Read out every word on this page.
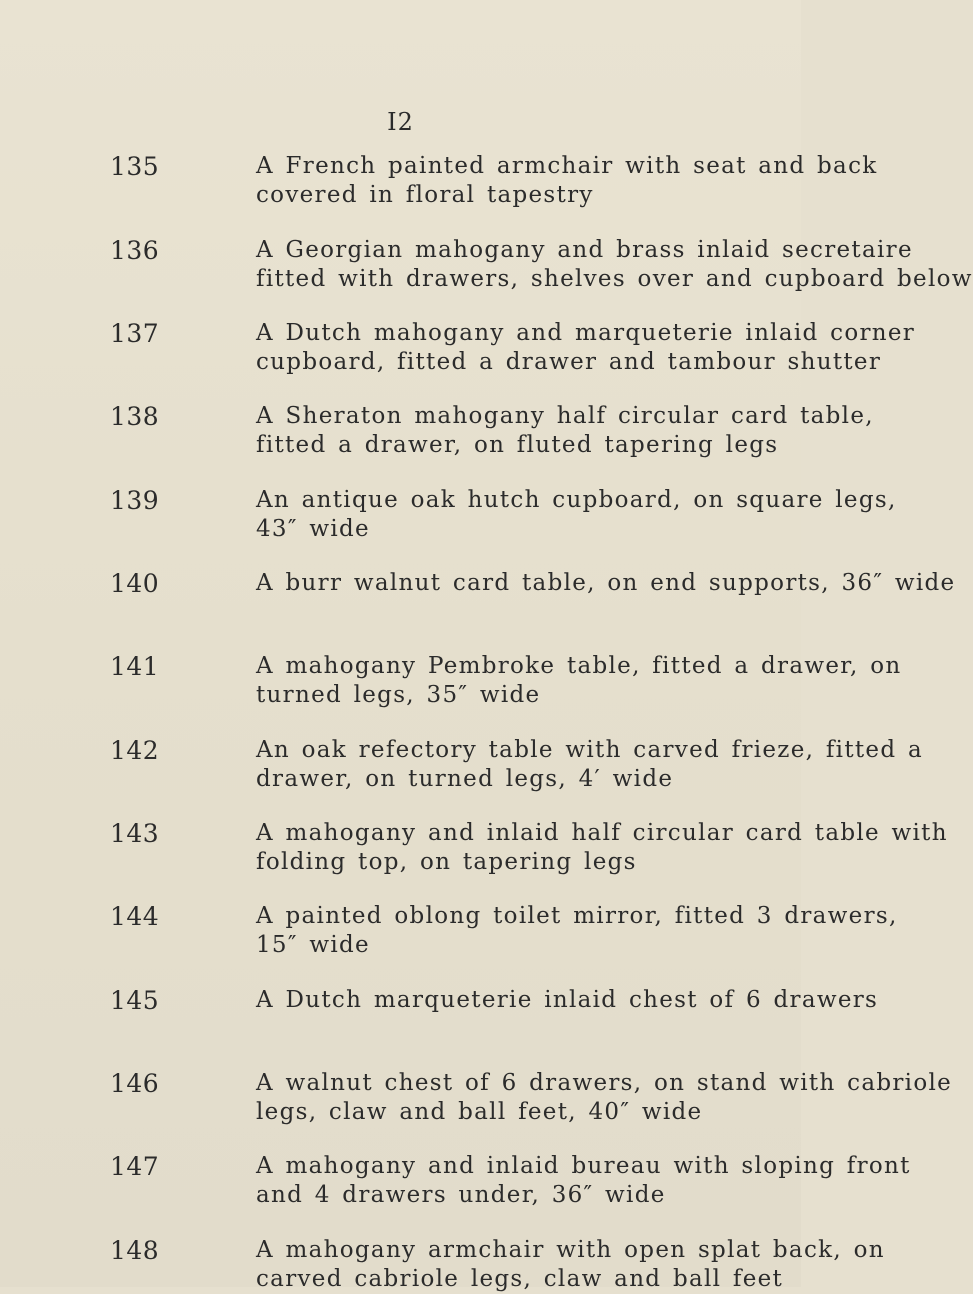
I2
135	A French painted armchair with seat and back
covered in floral tapestry
136	A Georgian mahogany and brass inlaid secretaire
fitted with drawers, shelves over and cupboard below
137	A Dutch mahogany and marqueterie inlaid corner
cupboard, fitted a drawer and tambour shutter
138	A Sheraton mahogany half circular card table,
fitted a drawer, on fluted tapering legs
139	An antique oak hutch cupboard, on square legs,
43″ wide
140	A burr walnut card table, on end supports, 36″ wide
141	A mahogany Pembroke table, fitted a drawer, on
turned legs, 35″ wide
142	An oak refectory table with carved frieze, fitted a
drawer, on turned legs, 4′ wide
143	A mahogany and inlaid half circular card table with
folding top, on tapering legs
144	A painted oblong toilet mirror, fitted 3 drawers,
15″ wide
145	A Dutch marqueterie inlaid chest of 6 drawers
146	A walnut chest of 6 drawers, on stand with cabriole
legs, claw and ball feet, 40″ wide
147	A mahogany and inlaid bureau with sloping front
and 4 drawers under, 36″ wide
148	A mahogany armchair with open splat back, on
carved cabriole legs, claw and ball feet
